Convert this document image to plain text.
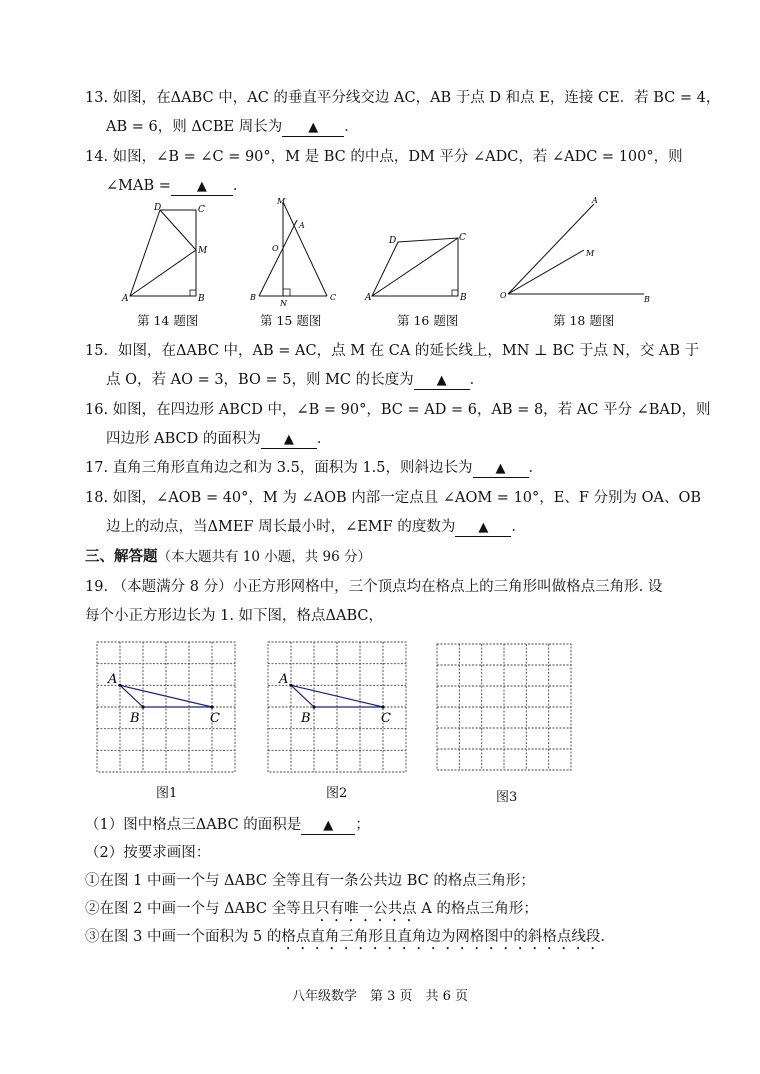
13. 如图，在ΔABC 中，AC 的垂直平分线交边 AC，AB 于点 D 和点 E，连接 CE．若 BC = 4，
AB = 6，则 ΔCBE 周长为 ▲ ．
14. 如图，∠B = ∠C = 90°，M 是 BC 的中点，DM 平分 ∠ADC，若 ∠ADC = 100°，则
∠MAB = ▲ ．
D	C
M
A	B
第 14 题图
M
A
O
B
N
C
第 15 题图
D	C
A	B
第 16 题图
A
M
O	B
第 18 题图
15．如图，在ΔABC 中，AB = AC，点 M 在 CA 的延长线上，MN ⊥ BC 于点 N，交 AB 于
点 O，若 AO = 3，BO = 5，则 MC 的长度为 ▲ ．
16. 如图，在四边形 ABCD 中，∠B = 90°，BC = AD = 6，AB = 8，若 AC 平分 ∠BAD，则
四边形 ABCD 的面积为 ▲ ．
17. 直角三角形直角边之和为 3.5，面积为 1.5，则斜边长为 ▲ ．
18. 如图，∠AOB = 40°，M 为 ∠AOB 内部一定点且 ∠AOM = 10°，E、F 分别为 OA、OB
边上的动点，当ΔMEF 周长最小时，∠EMF 的度数为 ▲ ．
三、解答题（本大题共有 10 小题，共 96 分）
19. （本题满分 8 分）小正方形网格中，三个顶点均在格点上的三角形叫做格点三角形. 设
每个小正方形边长为 1. 如下图，格点ΔABC，
A
B	C
图1
A
B	C
图2	图3
（1）图中格点三ΔABC 的面积是 ▲ ；
（2）按要求画图：
①在图 1 中画一个与 ΔABC 全等且有一条公共边 BC 的格点三角形；
②在图 2 中画一个与 ΔABC 全等且只有唯一公共点 A 的格点三角形；
③在图 3 中画一个面积为 5 的格点直角三角形且直角边为网格图中的斜格点线段.
八年级数学　第 3 页　共 6 页
